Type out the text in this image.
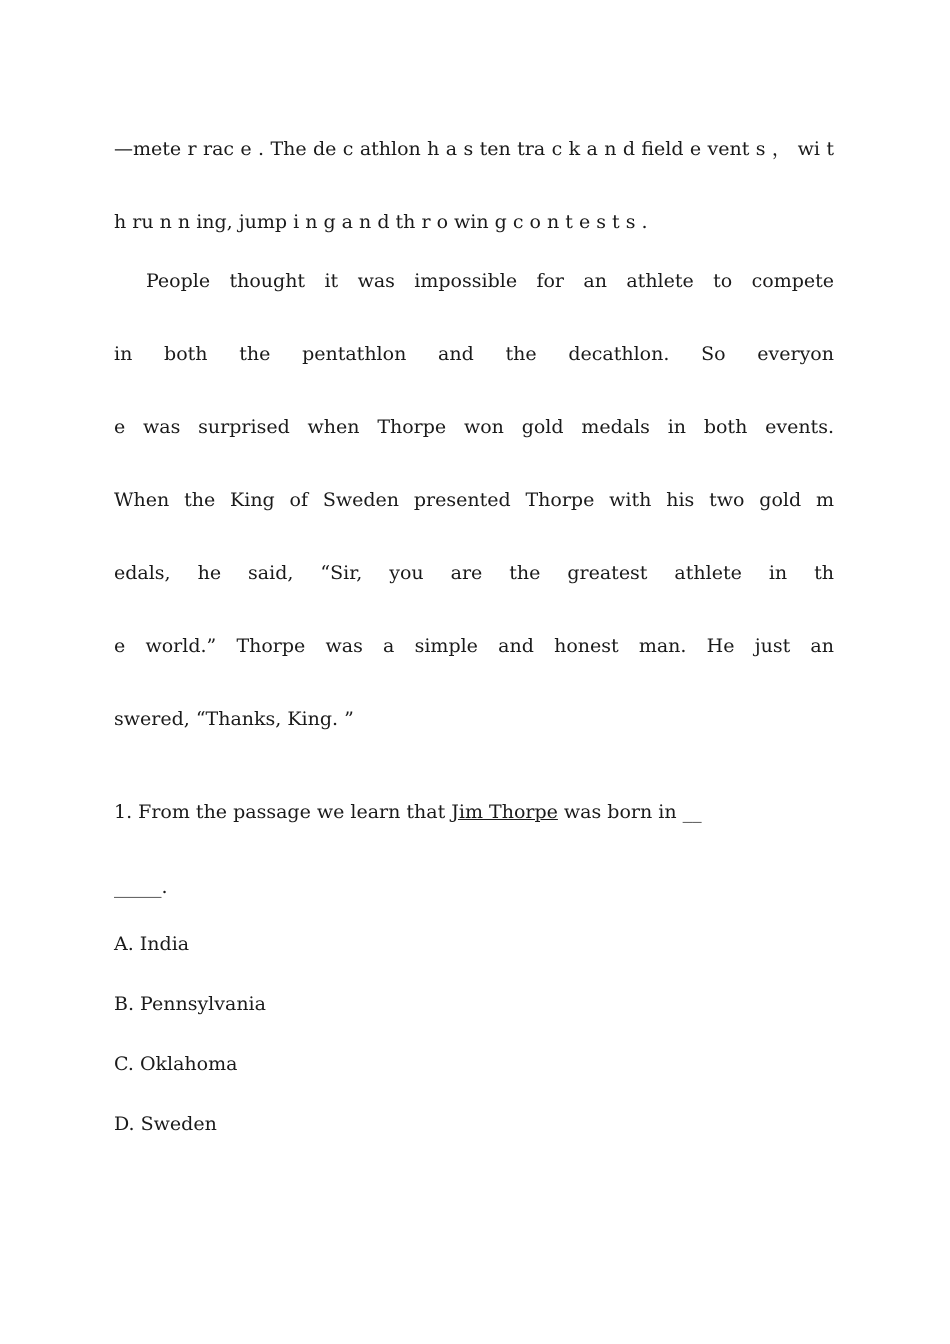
—mete r rac e . The de c athlon h a s ten tra c k a n d field e vent s ， wi t
h ru n n ing, jump i n g a n d th r o win g c o n t e s t s .
People thought it was impossible for an athlete to compete
in both the pentathlon and the decathlon. So everyon
e was surprised when Thorpe won gold medals in both events.
When the King of Sweden presented Thorpe with his two gold m
edals, he said, “Sir, you are the greatest athlete in th
e world.” Thorpe was a simple and honest man. He just an
swered, “Thanks, King. ”
1. From the passage we learn that Jim Thorpe was born in __
_____.
A. India
B. Pennsylvania
C. Oklahoma
D. Sweden
